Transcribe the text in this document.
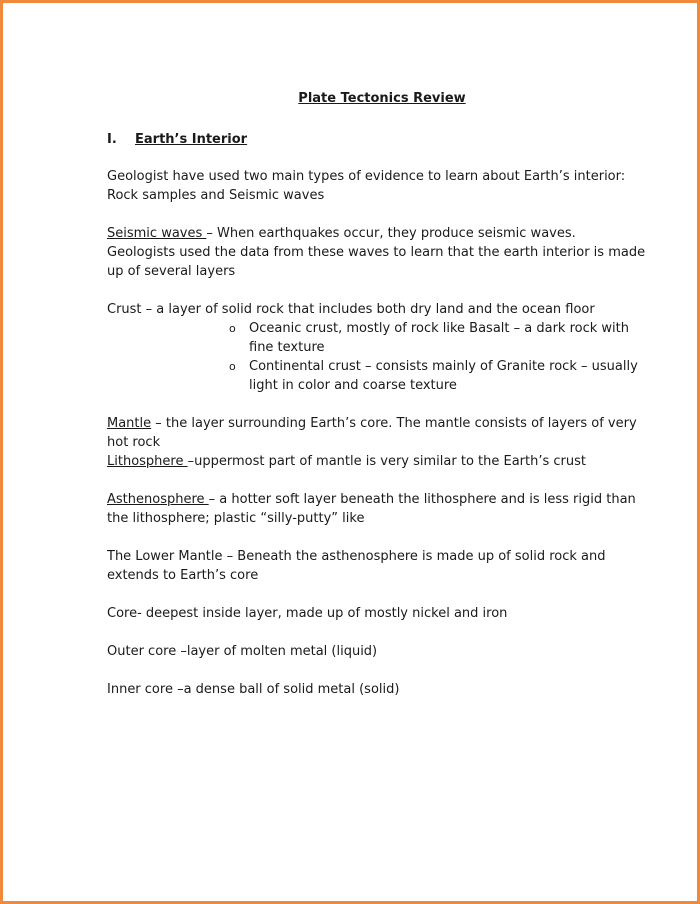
Plate Tectonics Review
I. Earth’s Interior

Geologist have used two main types of evidence to learn about Earth’s interior: Rock samples and Seismic waves

Seismic waves – When earthquakes occur, they produce seismic waves. Geologists used the data from these waves to learn that the earth interior is made up of several layers

Crust – a layer of solid rock that includes both dry land and the ocean floor

o Oceanic crust, mostly of rock like Basalt – a dark rock with fine texture
o Continental crust – consists mainly of Granite rock – usually light in color and coarse texture

Mantle – the layer surrounding Earth’s core. The mantle consists of layers of very hot rock

Lithosphere –uppermost part of mantle is very similar to the Earth’s crust

Asthenosphere – a hotter soft layer beneath the lithosphere and is less rigid than the lithosphere; plastic “silly-putty” like

The Lower Mantle – Beneath the asthenosphere is made up of solid rock and extends to Earth’s core

Core- deepest inside layer, made up of mostly nickel and iron

Outer core –layer of molten metal (liquid)

Inner core –a dense ball of solid metal (solid)
